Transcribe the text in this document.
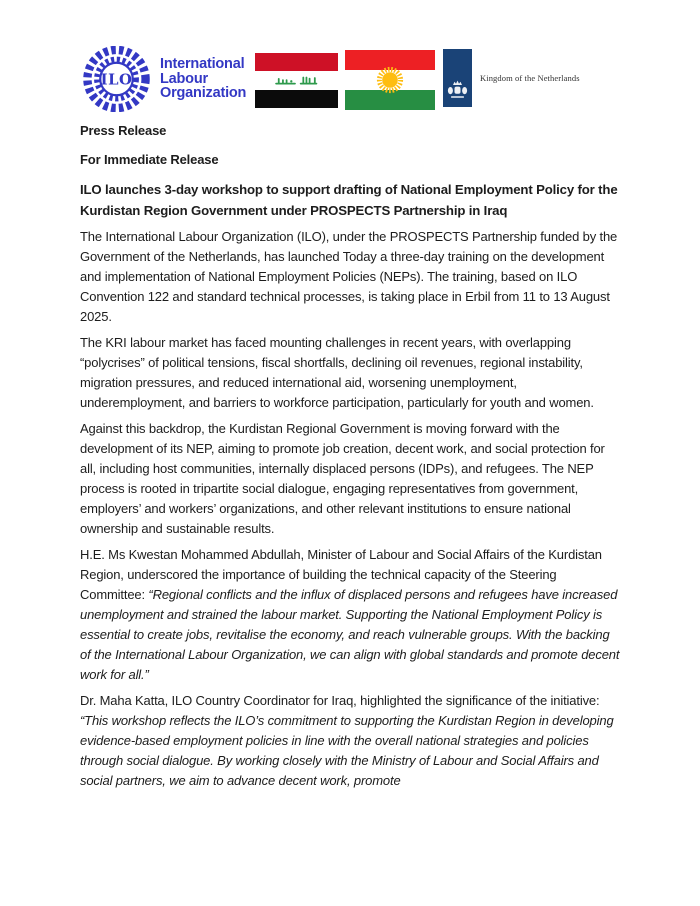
ILO
International
Labour
Organization
Kingdom of the Netherlands
Press Release
For Immediate Release
ILO launches 3-day workshop to support drafting of National Employment Policy for the Kurdistan Region Government under PROSPECTS Partnership in Iraq

The International Labour Organization (ILO), under the PROSPECTS Partnership funded by the Government of the Netherlands, has launched Today a three-day training on the development and implementation of National Employment Policies (NEPs). The training, based on ILO Convention 122 and standard technical processes, is taking place in Erbil from 11 to 13 August 2025.

The KRI labour market has faced mounting challenges in recent years, with overlapping “polycrises” of political tensions, fiscal shortfalls, declining oil revenues, regional instability, migration pressures, and reduced international aid, worsening unemployment, underemployment, and barriers to workforce participation, particularly for youth and women.

Against this backdrop, the Kurdistan Regional Government is moving forward with the development of its NEP, aiming to promote job creation, decent work, and social protection for all, including host communities, internally displaced persons (IDPs), and refugees. The NEP process is rooted in tripartite social dialogue, engaging representatives from government, employers’ and workers’ organizations, and other relevant institutions to ensure national ownership and sustainable results.

H.E. Ms Kwestan Mohammed Abdullah, Minister of Labour and Social Affairs of the Kurdistan Region, underscored the importance of building the technical capacity of the Steering Committee: “Regional conflicts and the influx of displaced persons and refugees have increased unemployment and strained the labour market. Supporting the National Employment Policy is essential to create jobs, revitalise the economy, and reach vulnerable groups. With the backing of the International Labour Organization, we can align with global standards and promote decent work for all.”

Dr. Maha Katta, ILO Country Coordinator for Iraq, highlighted the significance of the initiative: “This workshop reflects the ILO’s commitment to supporting the Kurdistan Region in developing evidence-based employment policies in line with the overall national strategies and policies through social dialogue. By working closely with the Ministry of Labour and Social Affairs and social partners, we aim to advance decent work, promote
